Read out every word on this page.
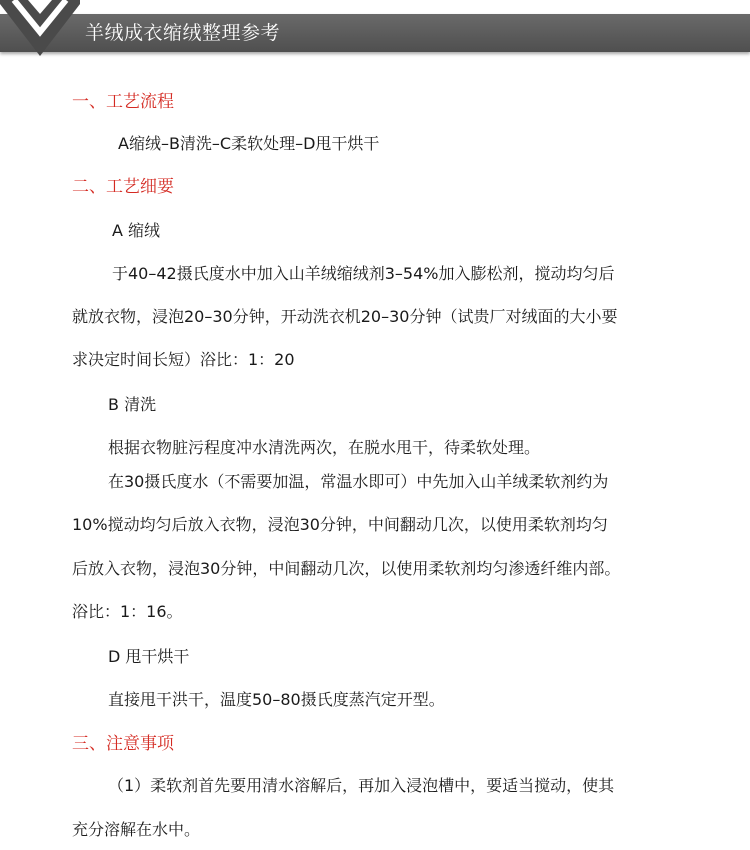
羊绒成衣缩绒整理参考
一、工艺流程
A缩绒–B清洗–C柔软处理–D甩干烘干
二、工艺细要
A 缩绒
于40–42摄氏度水中加入山羊绒缩绒剂3–54%加入膨松剂，搅动均匀后
就放衣物，浸泡20–30分钟，开动洗衣机20–30分钟（试贵厂对绒面的大小要
求决定时间长短）浴比：1：20
B 清洗
根据衣物脏污程度冲水清洗两次，在脱水甩干，待柔软处理。
在30摄氏度水（不需要加温，常温水即可）中先加入山羊绒柔软剂约为
10%搅动均匀后放入衣物，浸泡30分钟，中间翻动几次，以使用柔软剂均匀
后放入衣物，浸泡30分钟，中间翻动几次，以使用柔软剂均匀渗透纤维内部。
浴比：1：16。
D 甩干烘干
直接甩干洪干，温度50–80摄氏度蒸汽定开型。
三、注意事项
（1）柔软剂首先要用清水溶解后，再加入浸泡槽中，要适当搅动，使其
充分溶解在水中。
